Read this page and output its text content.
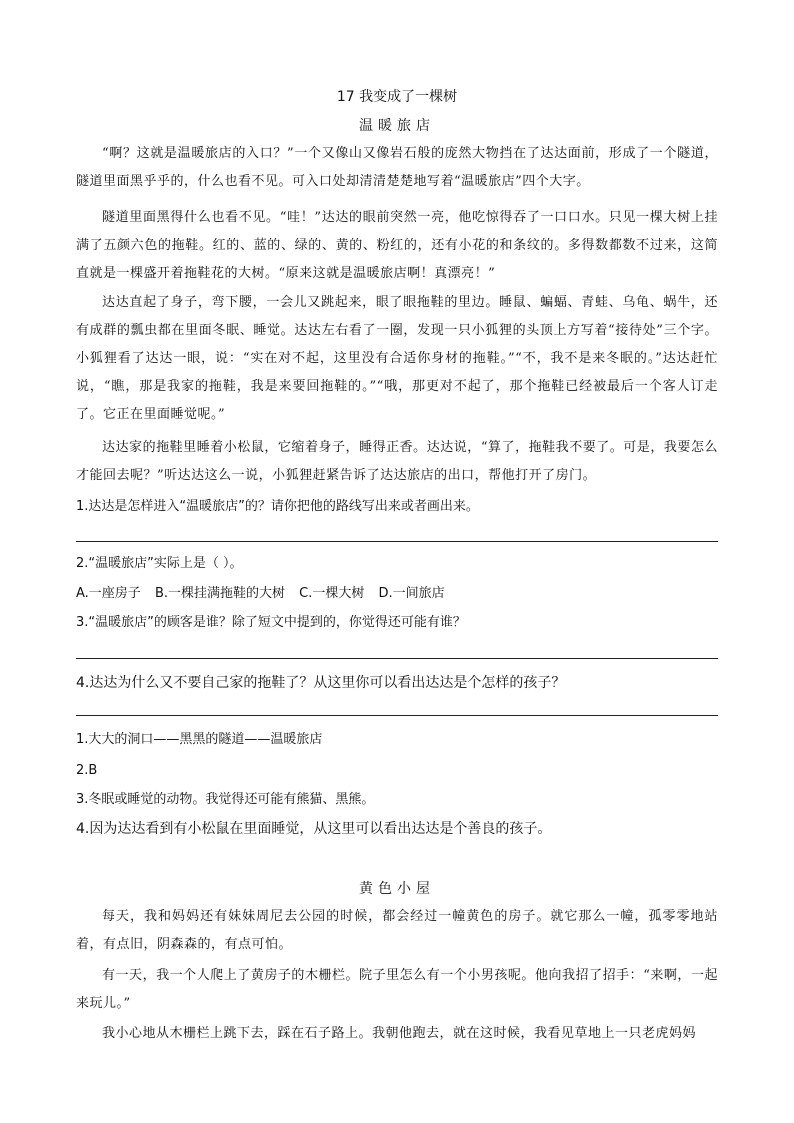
17 我变成了一棵树
温暖旅店

“啊？这就是温暖旅店的入口？”一个又像山又像岩石般的庞然大物挡在了达达面前，形成了一个隧道，隧道里面黑乎乎的，什么也看不见。可入口处却清清楚楚地写着“温暖旅店”四个大字。

隧道里面黑得什么也看不见。“哇！”达达的眼前突然一亮，他吃惊得吞了一口口水。只见一棵大树上挂满了五颜六色的拖鞋。红的、蓝的、绿的、黄的、粉红的，还有小花的和条纹的。多得数都数不过来，这简直就是一棵盛开着拖鞋花的大树。“原来这就是温暖旅店啊！真漂亮！”

达达直起了身子，弯下腰，一会儿又跳起来，眼了眼拖鞋的里边。睡鼠、蝙蝠、青蛙、乌龟、蜗牛，还有成群的瓢虫都在里面冬眠、睡觉。达达左右看了一圈，发现一只小狐狸的头顶上方写着“接待处”三个字。小狐狸看了达达一眼，说：“实在对不起，这里没有合适你身材的拖鞋。”“不，我不是来冬眠的。”达达赶忙说，“瞧，那是我家的拖鞋，我是来要回拖鞋的。”“哦，那更对不起了，那个拖鞋已经被最后一个客人订走了。它正在里面睡觉呢。”

达达家的拖鞋里睡着小松鼠，它缩着身子，睡得正香。达达说，“算了，拖鞋我不要了。可是，我要怎么才能回去呢？”听达达这么一说，小狐狸赶紧告诉了达达旅店的出口，帮他打开了房门。

1.达达是怎样进入“温暖旅店”的？请你把他的路线写出来或者画出来。
2.“温暖旅店”实际上是（ ）。
A.一座房子 B.一棵挂满拖鞋的大树 C.一棵大树 D.一间旅店
3.“温暖旅店”的顾客是谁？除了短文中提到的，你觉得还可能有谁？
4.达达为什么又不要自己家的拖鞋了？从这里你可以看出达达是个怎样的孩子？
1.大大的洞口——黑黑的隧道——温暖旅店
2.B
3.冬眠或睡觉的动物。我觉得还可能有熊猫、黑熊。
4.因为达达看到有小松鼠在里面睡觉，从这里可以看出达达是个善良的孩子。
黄色小屋

每天，我和妈妈还有妹妹周尼去公园的时候，都会经过一幢黄色的房子。就它那么一幢，孤零零地站着，有点旧，阴森森的，有点可怕。

有一天，我一个人爬上了黄房子的木栅栏。院子里怎么有一个小男孩呢。他向我招了招手：“来啊，一起来玩儿。”

我小心地从木栅栏上跳下去，踩在石子路上。我朝他跑去，就在这时候，我看见草地上一只老虎妈妈
